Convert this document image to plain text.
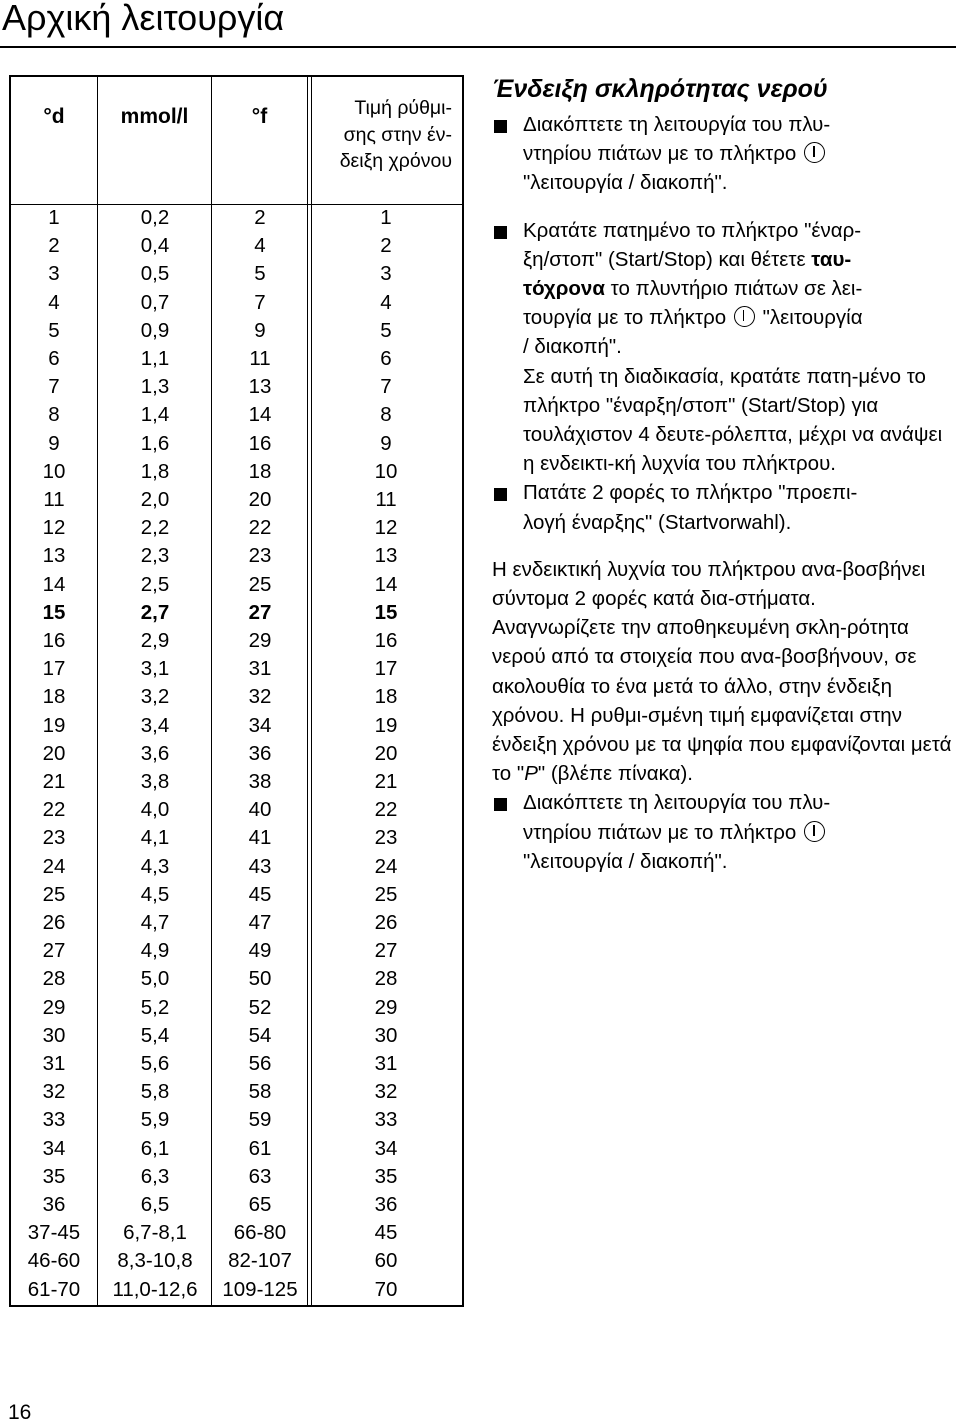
Αρχική λειτουργία
°d	mmol/l	°f	Τιμή ρύθμι-
σης στην έν-
δειξη χρόνου
1	0,2	2	1
2	0,4	4	2
3	0,5	5	3
4	0,7	7	4
5	0,9	9	5
6	1,1	11	6
7	1,3	13	7
8	1,4	14	8
9	1,6	16	9
10	1,8	18	10
11	2,0	20	11
12	2,2	22	12
13	2,3	23	13
14	2,5	25	14
15	2,7	27	15
16	2,9	29	16
17	3,1	31	17
18	3,2	32	18
19	3,4	34	19
20	3,6	36	20
21	3,8	38	21
22	4,0	40	22
23	4,1	41	23
24	4,3	43	24
25	4,5	45	25
26	4,7	47	26
27	4,9	49	27
28	5,0	50	28
29	5,2	52	29
30	5,4	54	30
31	5,6	56	31
32	5,8	58	32
33	5,9	59	33
34	6,1	61	34
35	6,3	63	35
36	6,5	65	36
37-45	6,7-8,1	66-80	45
46-60	8,3-10,8	82-107	60
61-70	11,0-12,6	109-125	70
Ένδειξη σκληρότητας νερού

Διακόπτετε τη λειτουργία του πλυ-
ντηρίου πιάτων με το πλήκτρο
"λειτουργία / διακοπή".

Κρατάτε πατημένο το πλήκτρο "έναρ-
ξη/στοπ" (Start/Stop) και θέτετε ταυ-
τόχρονα το πλυντήριο πιάτων σε λει-
τουργία με το πλήκτρο "λειτουργία
/ διακοπή".

Σε αυτή τη διαδικασία, κρατάτε πατη-μένο το πλήκτρο "έναρξη/στοπ" (Start/Stop) για τουλάχιστον 4 δευτε-ρόλεπτα, μέχρι να ανάψει η ενδεικτι-κή λυχνία του πλήκτρου.

Πατάτε 2 φορές το πλήκτρο "προεπι-
λογή έναρξης" (Startvorwahl).

Η ενδεικτική λυχνία του πλήκτρου ανα-βοσβήνει σύντομα 2 φορές κατά δια-στήματα.

Αναγνωρίζετε την αποθηκευμένη σκλη-ρότητα νερού από τα στοιχεία που ανα-βοσβήνουν, σε ακολουθία το ένα μετά το άλλο, στην ένδειξη χρόνου. Η ρυθμι-σμένη τιμή εμφανίζεται στην ένδειξη χρόνου με τα ψηφία που εμφανίζονται μετά το "P" (βλέπε πίνακα).

Διακόπτετε τη λειτουργία του πλυ-
ντηρίου πιάτων με το πλήκτρο
"λειτουργία / διακοπή".

16
